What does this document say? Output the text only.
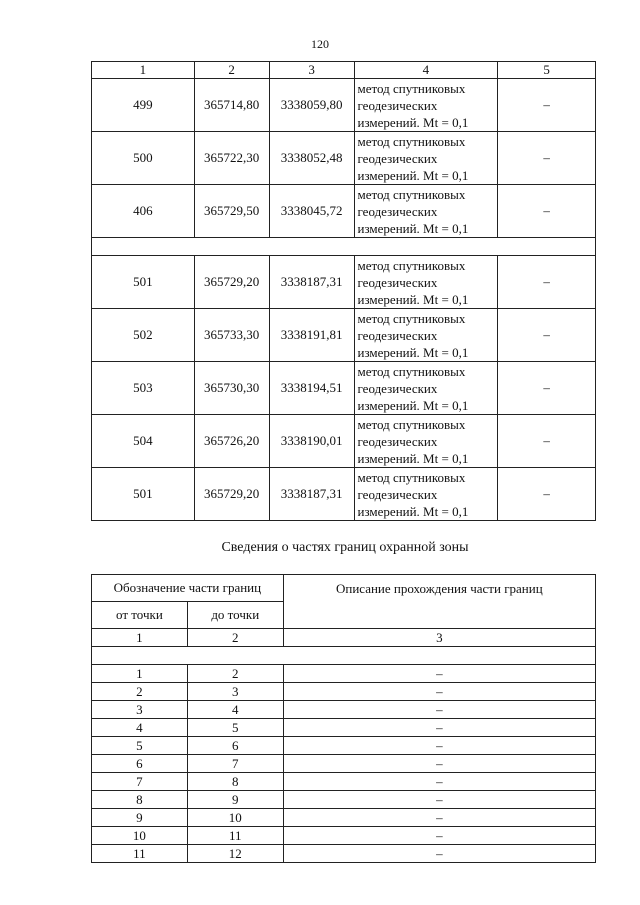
120
1	2	3	4	5
499	365714,80	3338059,80	метод спутниковых
геодезических
измерений. Mt = 0,1	–
500	365722,30	3338052,48	метод спутниковых
геодезических
измерений. Mt = 0,1	–
406	365729,50	3338045,72	метод спутниковых
геодезических
измерений. Mt = 0,1	–

501	365729,20	3338187,31	метод спутниковых
геодезических
измерений. Mt = 0,1	–
502	365733,30	3338191,81	метод спутниковых
геодезических
измерений. Mt = 0,1	–
503	365730,30	3338194,51	метод спутниковых
геодезических
измерений. Mt = 0,1	–
504	365726,20	3338190,01	метод спутниковых
геодезических
измерений. Mt = 0,1	–
501	365729,20	3338187,31	метод спутниковых
геодезических
измерений. Mt = 0,1	–
Сведения о частях границ охранной зоны
Обозначение части границ		Описание прохождения части границ
от точки	до точки	
1	2	3

1	2	–
2	3	–
3	4	–
4	5	–
5	6	–
6	7	–
7	8	–
8	9	–
9	10	–
10	11	–
11	12	–
